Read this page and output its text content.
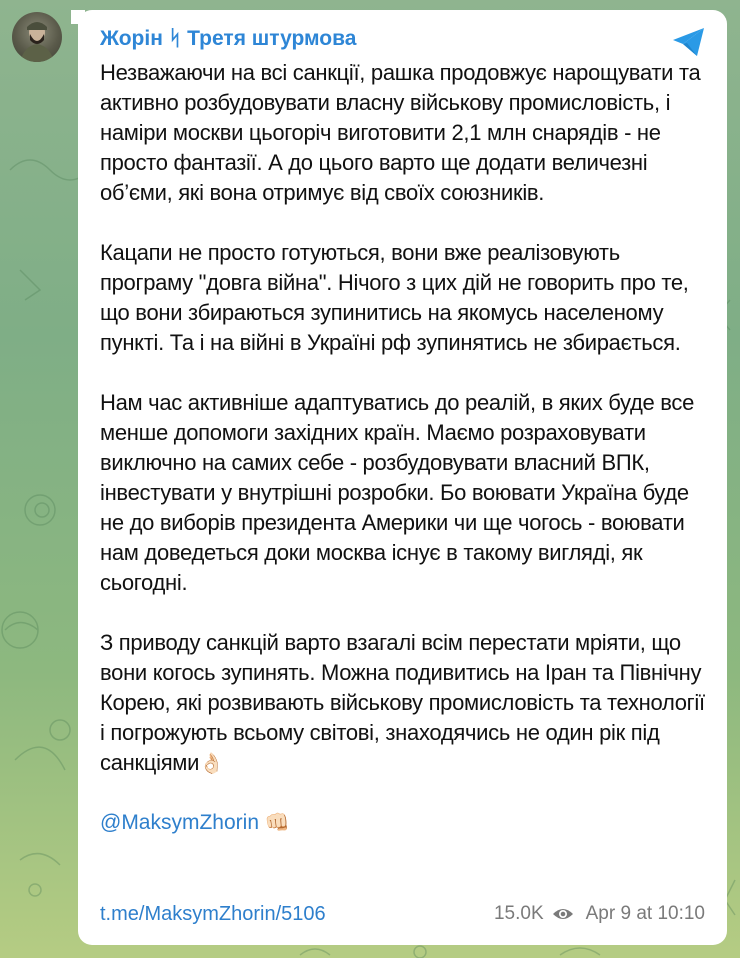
Жорін ᛋ Третя штурмова

Незважаючи на всі санкції, рашка продовжує нарощувати та активно розбудовувати власну військову промисловість, і наміри москви цьогоріч виготовити 2,1 млн снарядів - не просто фантазії. А до цього варто ще додати величезні об’єми, які вона отримує від своїх союзників.

Кацапи не просто готуються, вони вже реалізовують програму "довга війна". Нічого з цих дій не говорить про те, що вони збираються зупинитись на якомусь населеному пункті. Та і на війні в Україні рф зупинятись не збирається.

Нам час активніше адаптуватись до реалій, в яких буде все менше допомоги західних країн. Маємо розраховувати виключно на самих себе - розбудовувати власний ВПК, інвестувати у внутрішні розробки. Бо воювати Україна буде не до виборів президента Америки чи ще чогось - воювати нам доведеться доки москва існує в такому вигляді, як сьогодні.

З приводу санкцій варто взагалі всім перестати мріяти, що вони когось зупинять. Можна подивитись на Іран та Північну Корею, які розвивають військову промисловість та технології і погрожують всьому світові, знаходячись не один рік під санкціями👌🏻

@MaksymZhorin 👊🏻
t.me/MaksymZhorin/5106	15.0K Apr 9 at 10:10
